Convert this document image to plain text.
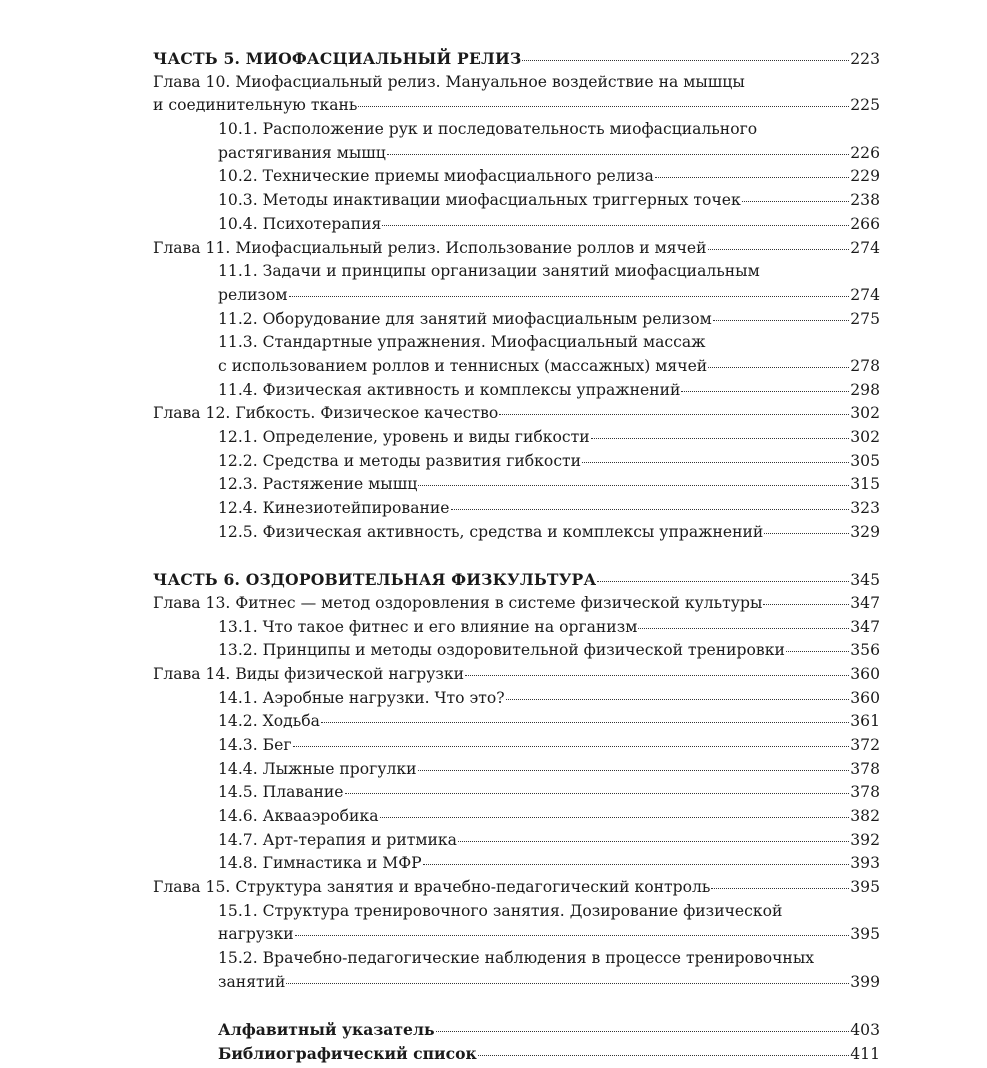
ЧАСТЬ 5. МИОФАСЦИАЛЬНЫЙ РЕЛИЗ	223
Глава 10. Миофасциальный релиз. Мануальное воздействие на мышцы
и соединительную ткань	225
10.1. Расположение рук и последовательность миофасциального
растягивания мышц	226
10.2. Технические приемы миофасциального релиза	229
10.3. Методы инактивации миофасциальных триггерных точек	238
10.4. Психотерапия	266
Глава 11. Миофасциальный релиз. Использование роллов и мячей	274
11.1. Задачи и принципы организации занятий миофасциальным
релизом	274
11.2. Оборудование для занятий миофасциальным релизом	275
11.3. Стандартные упражнения. Миофасциальный массаж
с использованием роллов и теннисных (массажных) мячей	278
11.4. Физическая активность и комплексы упражнений	298
Глава 12. Гибкость. Физическое качество	302
12.1. Определение, уровень и виды гибкости	302
12.2. Средства и методы развития гибкости	305
12.3. Растяжение мышц	315
12.4. Кинезиотейпирование	323
12.5. Физическая активность, средства и комплексы упражнений	329
ЧАСТЬ 6. ОЗДОРОВИТЕЛЬНАЯ ФИЗКУЛЬТУРА	345
Глава 13. Фитнес — метод оздоровления в системе физической культуры	347
13.1. Что такое фитнес и его влияние на организм	347
13.2. Принципы и методы оздоровительной физической тренировки	356
Глава 14. Виды физической нагрузки	360
14.1. Аэробные нагрузки. Что это?	360
14.2. Ходьба	361
14.3. Бег	372
14.4. Лыжные прогулки	378
14.5. Плавание	378
14.6. Аквааэробика	382
14.7. Арт-терапия и ритмика	392
14.8. Гимнастика и МФР	393
Глава 15. Структура занятия и врачебно-педагогический контроль	395
15.1. Структура тренировочного занятия. Дозирование физической
нагрузки	395
15.2. Врачебно-педагогические наблюдения в процессе тренировочных
занятий	399
Алфавитный указатель	403
Библиографический список	411
